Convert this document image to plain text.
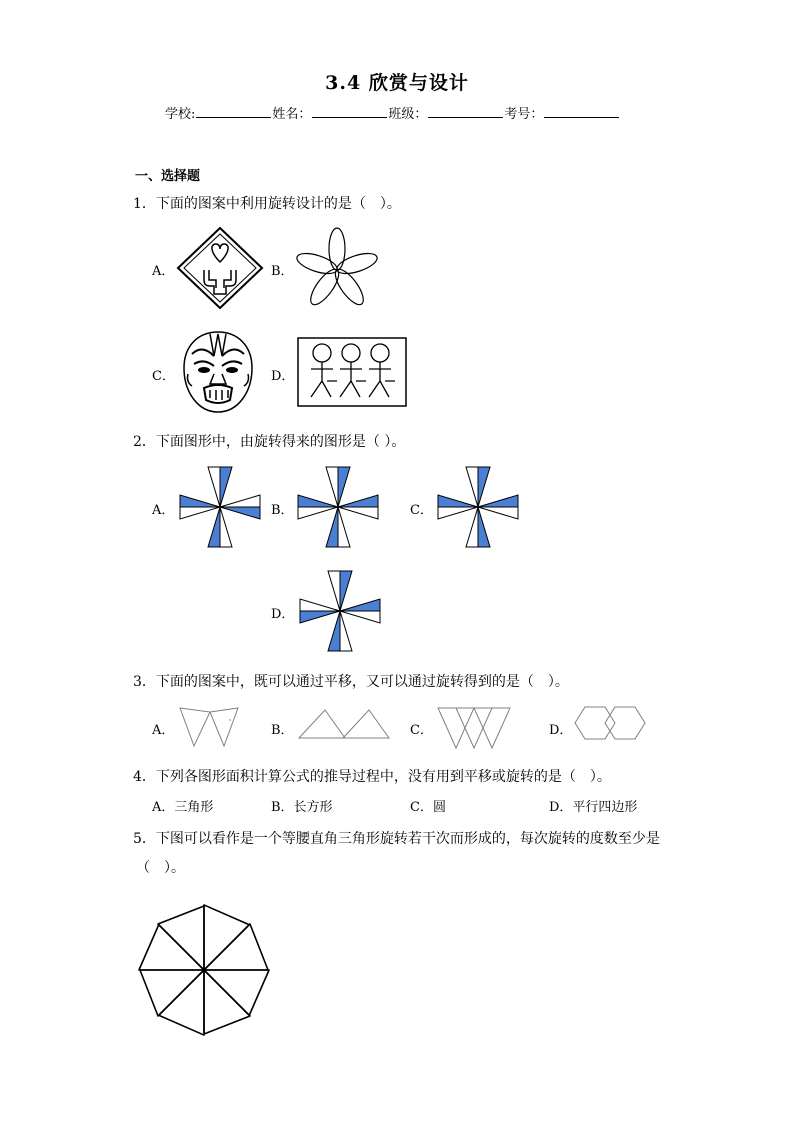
3.4 欣赏与设计
学校:	姓名：	班级：	考号：
一、选择题
1．下面的图案中利用旋转设计的是（　）。
A．	B．
C．	D．
2．下面图形中，由旋转得来的图形是（ ）。
A．	B．	C．
D．
3．下面的图案中，既可以通过平移，又可以通过旋转得到的是（　）。
A．	B．	C．	D．
4．下列各图形面积计算公式的推导过程中，没有用到平移或旋转的是（　）。
A．三角形	B．长方形	C．圆	D．平行四边形
5．下图可以看作是一个等腰直角三角形旋转若干次而形成的，每次旋转的度数至少是
（　）。
